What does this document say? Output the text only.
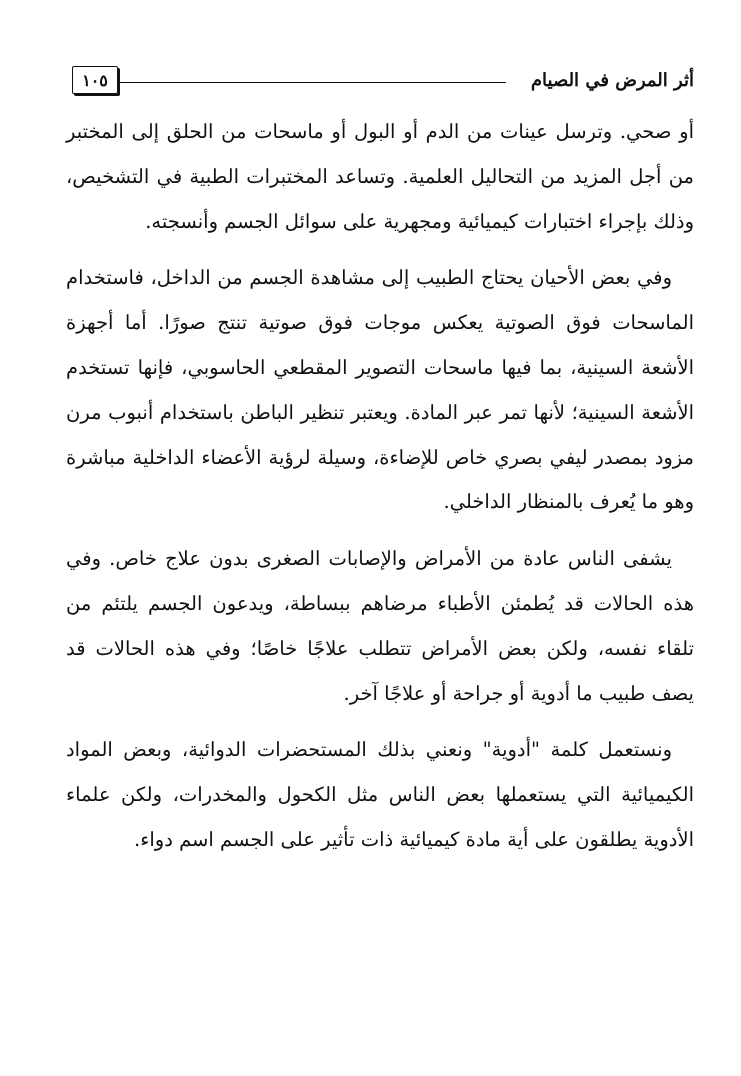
أثر المرض في الصيام
١٠٥

أو صحي. وترسل عينات من الدم أو البول أو ماسحات من الحلق إلى المختبر من أجل المزيد من التحاليل العلمية. وتساعد المختبرات الطبية في التشخيص، وذلك بإجراء اختبارات كيميائية ومجهرية على سوائل الجسم وأنسجته.

وفي بعض الأحيان يحتاج الطبيب إلى مشاهدة الجسم من الداخل، فاستخدام الماسحات فوق الصوتية يعكس موجات فوق صوتية تنتج صورًا. أما أجهزة الأشعة السينية، بما فيها ماسحات التصوير المقطعي الحاسوبي، فإنها تستخدم الأشعة السينية؛ لأنها تمر عبر المادة. ويعتبر تنظير الباطن باستخدام أنبوب مرن مزود بمصدر ليفي بصري خاص للإضاءة، وسيلة لرؤية الأعضاء الداخلية مباشرة وهو ما يُعرف بالمنظار الداخلي.

يشفى الناس عادة من الأمراض والإصابات الصغرى بدون علاج خاص. وفي هذه الحالات قد يُطمئن الأطباء مرضاهم ببساطة، ويدعون الجسم يلتئم من تلقاء نفسه، ولكن بعض الأمراض تتطلب علاجًا خاصًا؛ وفي هذه الحالات قد يصف طبيب ما أدوية أو جراحة أو علاجًا آخر.

ونستعمل كلمة "أدوية" ونعني بذلك المستحضرات الدوائية، وبعض المواد الكيميائية التي يستعملها بعض الناس مثل الكحول والمخدرات، ولكن علماء الأدوية يطلقون على أية مادة كيميائية ذات تأثير على الجسم اسم دواء.
